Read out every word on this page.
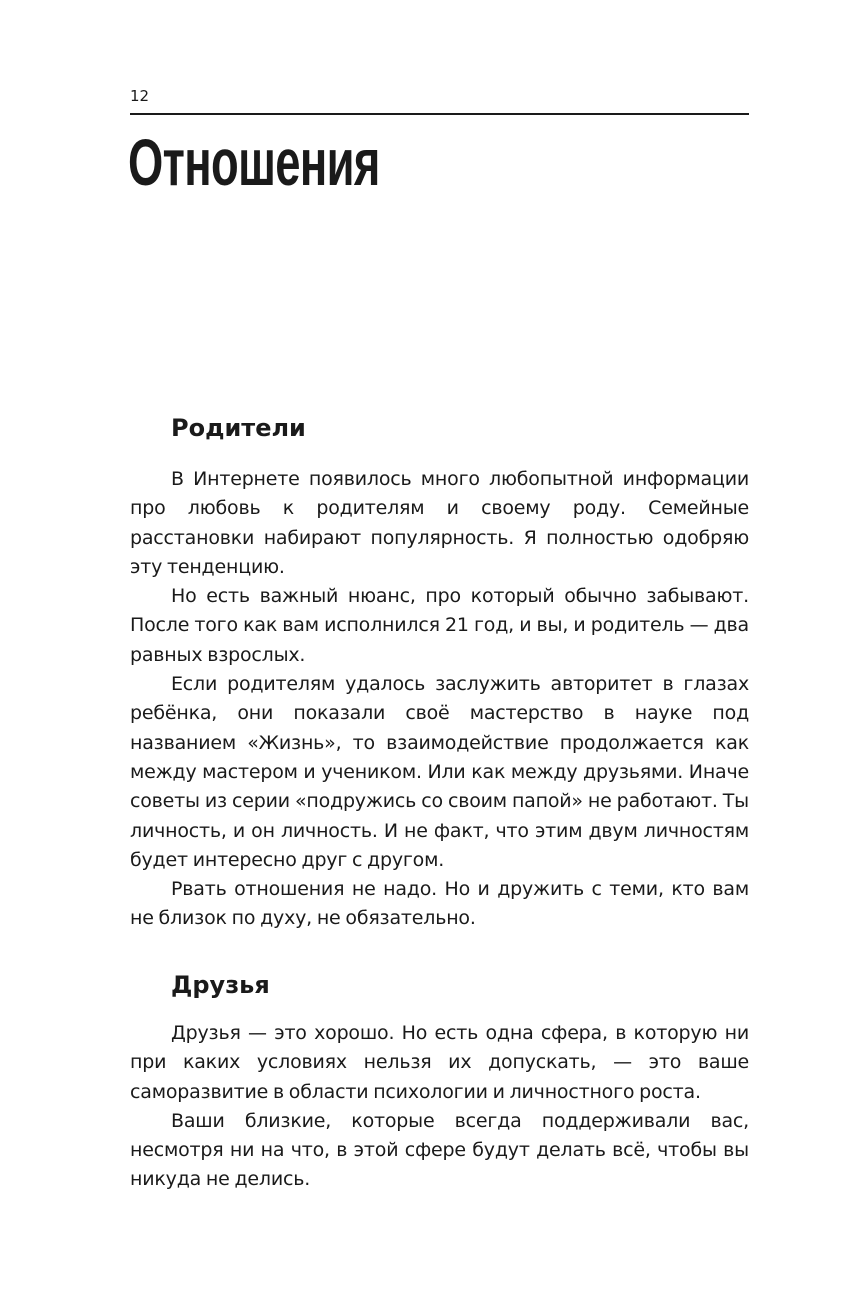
12
Отношения
Родители

В Интернете появилось много любопытной информации про любовь к родителям и своему роду. Семейные расстановки набирают популярность. Я полностью одобряю эту тенденцию.

Но есть важный нюанс, про который обычно забывают. После того как вам исполнился 21 год, и вы, и родитель — два равных взрослых.

Если родителям удалось заслужить авторитет в глазах ребёнка, они показали своё мастерство в науке под названием «Жизнь», то взаимодействие продолжается как между мастером и учеником. Или как между друзьями. Иначе советы из серии «подружись со своим папой» не работают. Ты личность, и он личность. И не факт, что этим двум личностям будет интересно друг с другом.

Рвать отношения не надо. Но и дружить с теми, кто вам не близок по духу, не обязательно.

Друзья

Друзья — это хорошо. Но есть одна сфера, в которую ни при каких условиях нельзя их допускать, — это ваше саморазвитие в области психологии и личностного роста.

Ваши близкие, которые всегда поддерживали вас, несмотря ни на что, в этой сфере будут делать всё, чтобы вы никуда не делись.
